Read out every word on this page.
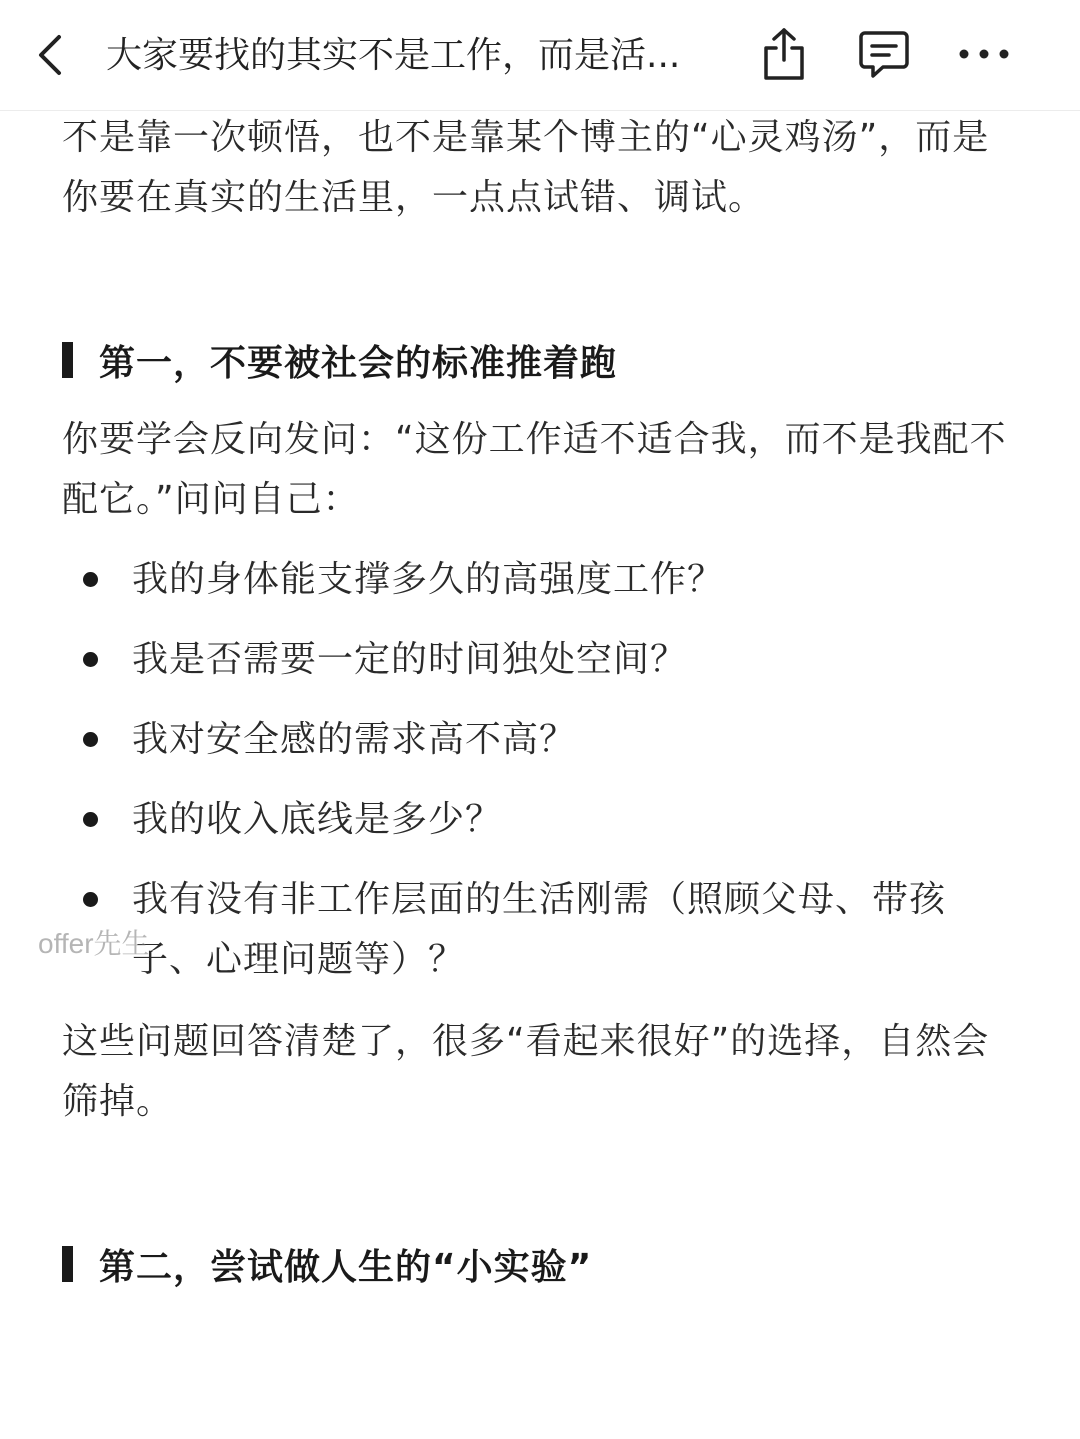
大家要找的其实不是工作，而是活...

不是靠一次顿悟，也不是靠某个博主的“心灵鸡汤”，而是你要在真实的生活里，一点点试错、调试。

第一，不要被社会的标准推着跑

你要学会反向发问：“这份工作适不适合我，而不是我配不配它。”问问自己：

我的身体能支撑多久的高强度工作？
我是否需要一定的时间独处空间？
我对安全感的需求高不高？
我的收入底线是多少？
我有没有非工作层面的生活刚需（照顾父母、带孩子、心理问题等）？

这些问题回答清楚了，很多“看起来很好”的选择，自然会筛掉。

第二，尝试做人生的“小实验”
offer先生
